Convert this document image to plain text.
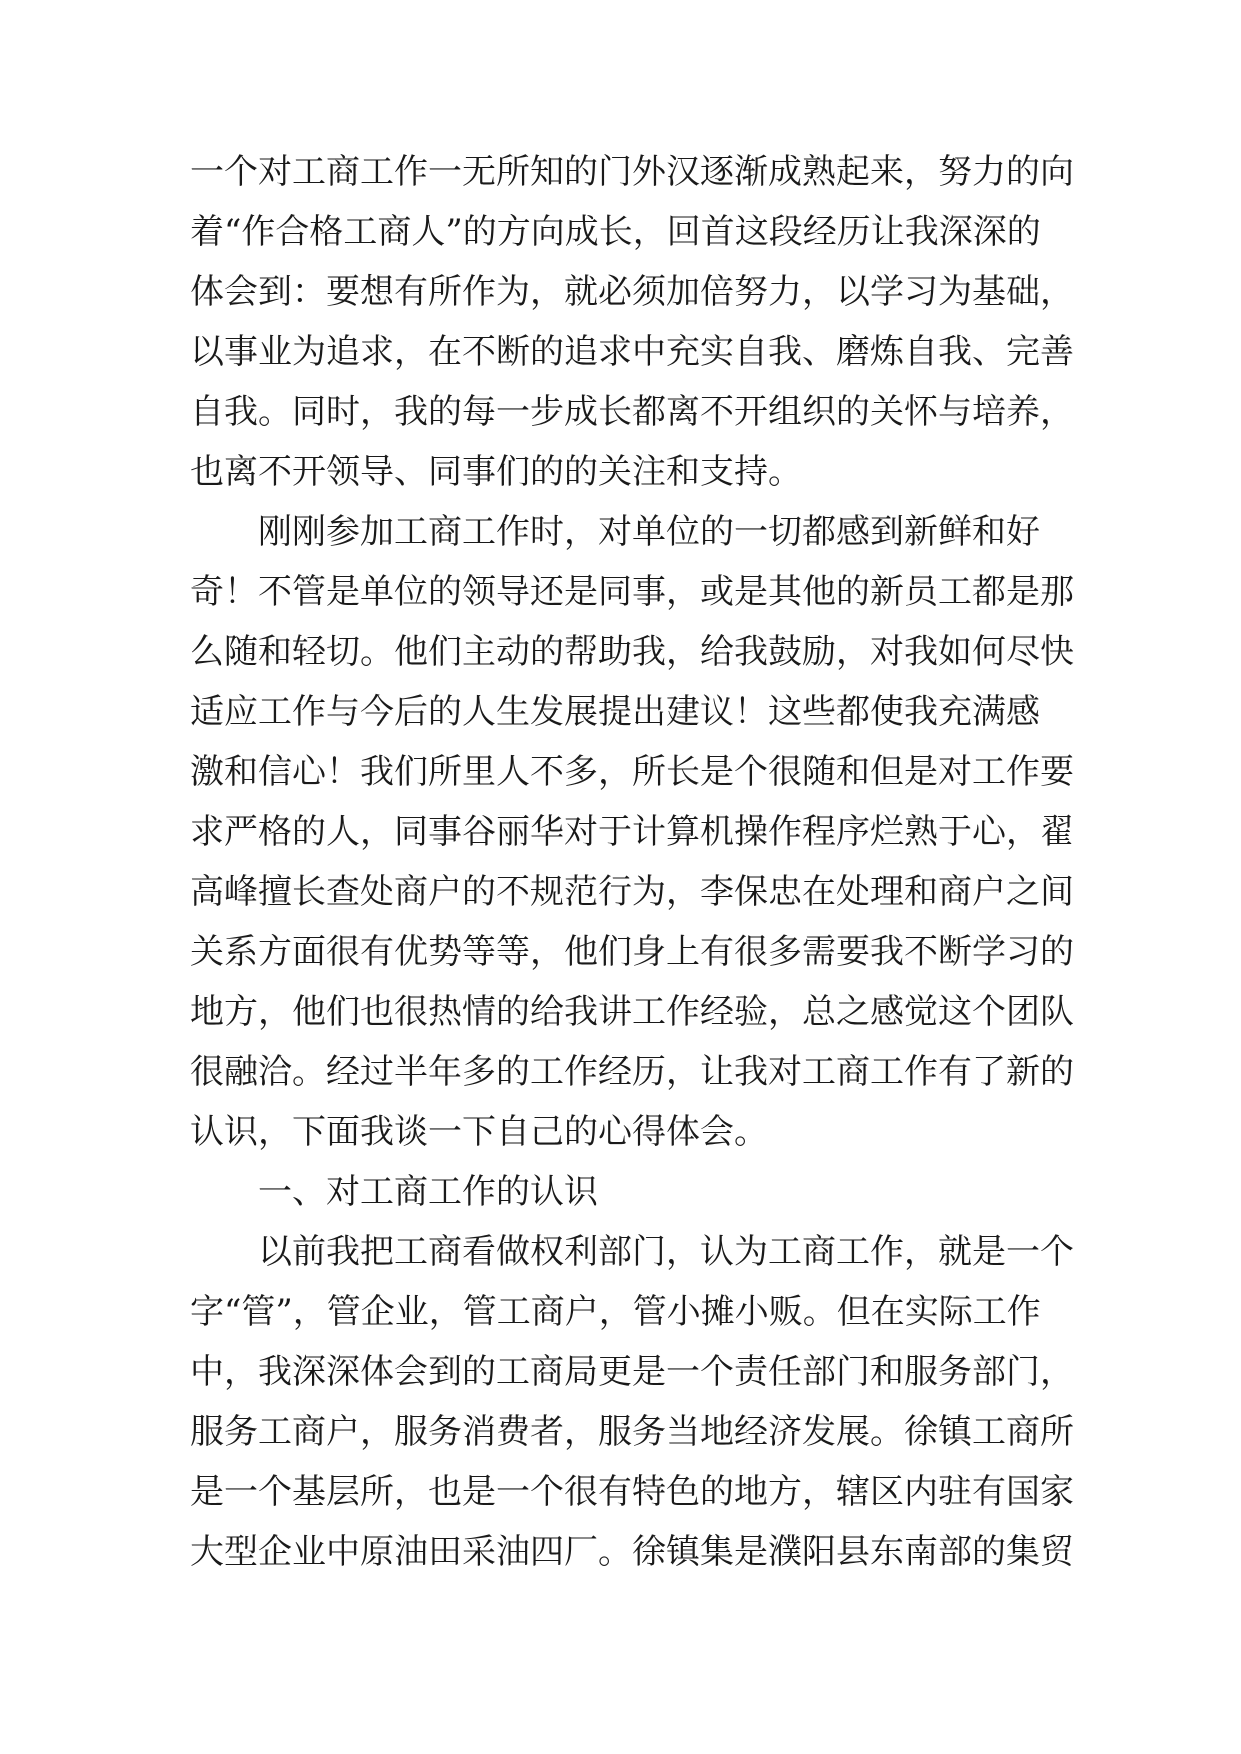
一个对工商工作一无所知的门外汉逐渐成熟起来，努力的向
着“作合格工商人”的方向成长，回首这段经历让我深深的
体会到：要想有所作为，就必须加倍努力，以学习为基础，
以事业为追求，在不断的追求中充实自我、磨炼自我、完善
自我。同时，我的每一步成长都离不开组织的关怀与培养，
也离不开领导、同事们的的关注和支持。
刚刚参加工商工作时，对单位的一切都感到新鲜和好
奇！不管是单位的领导还是同事，或是其他的新员工都是那
么随和轻切。他们主动的帮助我，给我鼓励，对我如何尽快
适应工作与今后的人生发展提出建议！这些都使我充满感
激和信心！我们所里人不多，所长是个很随和但是对工作要
求严格的人，同事谷丽华对于计算机操作程序烂熟于心，翟
高峰擅长查处商户的不规范行为，李保忠在处理和商户之间
关系方面很有优势等等，他们身上有很多需要我不断学习的
地方，他们也很热情的给我讲工作经验，总之感觉这个团队
很融洽。经过半年多的工作经历，让我对工商工作有了新的
认识，下面我谈一下自己的心得体会。
一、对工商工作的认识
以前我把工商看做权利部门，认为工商工作，就是一个
字“管”，管企业，管工商户，管小摊小贩。但在实际工作
中，我深深体会到的工商局更是一个责任部门和服务部门，
服务工商户，服务消费者，服务当地经济发展。徐镇工商所
是一个基层所，也是一个很有特色的地方，辖区内驻有国家
大型企业中原油田采油四厂。徐镇集是濮阳县东南部的集贸
